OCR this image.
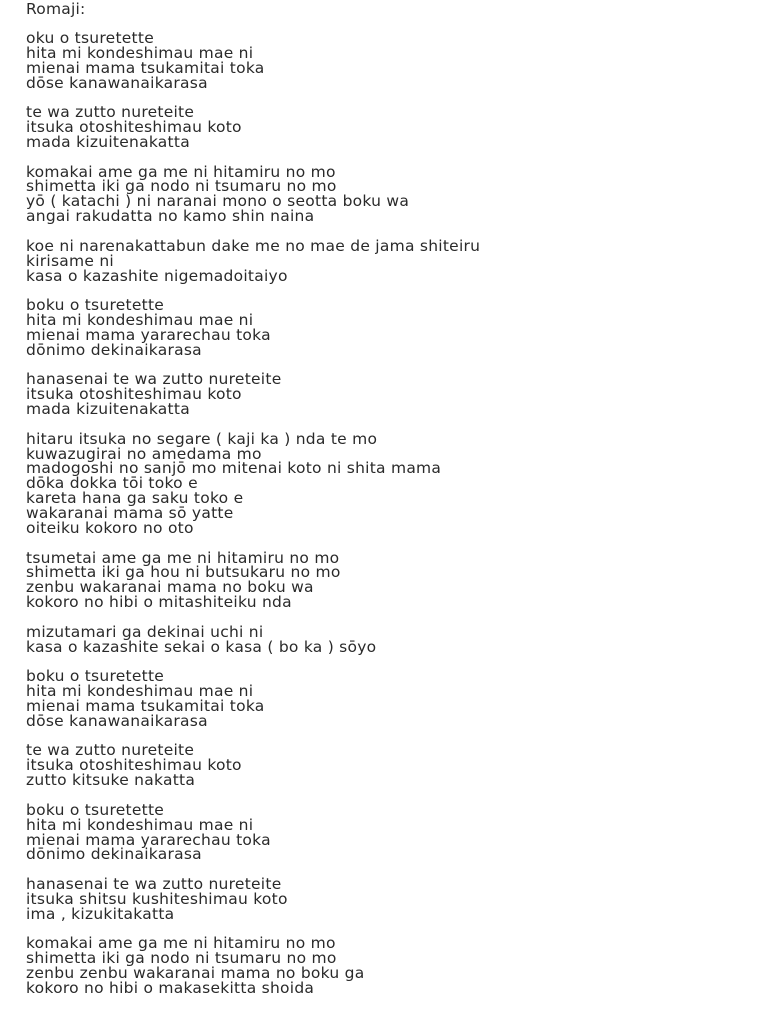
Romaji:
oku o tsuretette
hita mi kondeshimau mae ni
mienai mama tsukamitai toka
dōse kanawanaikarasa
te wa zutto nureteite
itsuka otoshiteshimau koto
mada kizuitenakatta
komakai ame ga me ni hitamiru no mo
shimetta iki ga nodo ni tsumaru no mo
yō ( katachi ) ni naranai mono o seotta boku wa
angai rakudatta no kamo shin naina
koe ni narenakattabun dake me no mae de jama shiteiru
kirisame ni
kasa o kazashite nigemadoitaiyo
boku o tsuretette
hita mi kondeshimau mae ni
mienai mama yararechau toka
dōnimo dekinaikarasa
hanasenai te wa zutto nureteite
itsuka otoshiteshimau koto
mada kizuitenakatta
hitaru itsuka no segare ( kaji ka ) nda te mo
kuwazugirai no amedama mo
madogoshi no sanjō mo mitenai koto ni shita mama
dōka dokka tōi toko e
kareta hana ga saku toko e
wakaranai mama sō yatte
oiteiku kokoro no oto
tsumetai ame ga me ni hitamiru no mo
shimetta iki ga hou ni butsukaru no mo
zenbu wakaranai mama no boku wa
kokoro no hibi o mitashiteiku nda
mizutamari ga dekinai uchi ni
kasa o kazashite sekai o kasa ( bo ka ) sōyo
boku o tsuretette
hita mi kondeshimau mae ni
mienai mama tsukamitai toka
dōse kanawanaikarasa
te wa zutto nureteite
itsuka otoshiteshimau koto
zutto kitsuke nakatta
boku o tsuretette
hita mi kondeshimau mae ni
mienai mama yararechau toka
dōnimo dekinaikarasa
hanasenai te wa zutto nureteite
itsuka shitsu kushiteshimau koto
ima , kizukitakatta
komakai ame ga me ni hitamiru no mo
shimetta iki ga nodo ni tsumaru no mo
zenbu zenbu wakaranai mama no boku ga
kokoro no hibi o makasekitta shoida
